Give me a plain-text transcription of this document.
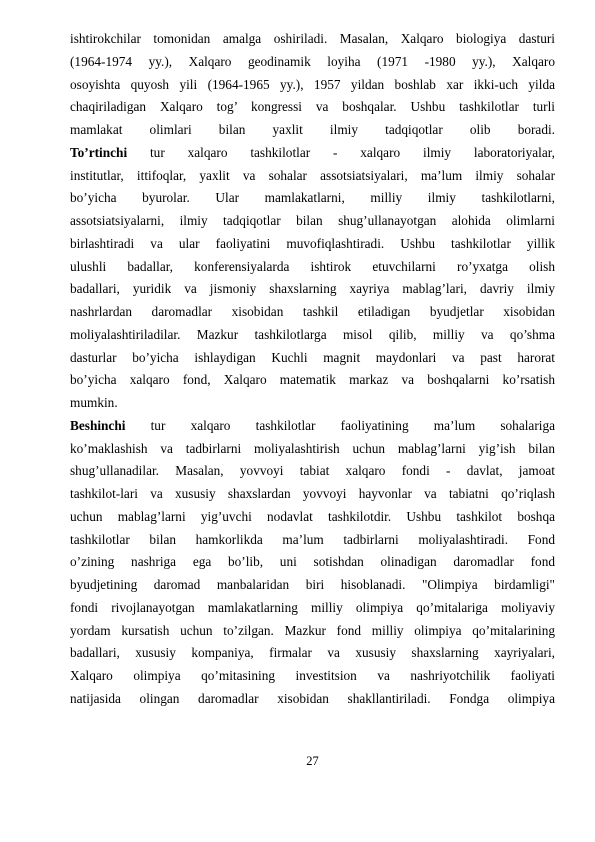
ishtirokchilar tomonidan amalga oshiriladi. Masalan, Xalqaro biologiya dasturi
(1964-1974 yy.), Xalqaro geodinamik loyiha (1971 -1980 yy.), Xalqaro
osoyishta quyosh yili (1964-1965 yy.), 1957 yildan boshlab xar ikki-uch yilda
chaqiriladigan Xalqaro tog’ kongressi va boshqalar. Ushbu tashkilotlar turli
mamlakat olimlari bilan yaxlit ilmiy tadqiqotlar olib boradi.
To’rtinchi tur xalqaro tashkilotlar - xalqaro ilmiy laboratoriyalar,
institutlar, ittifoqlar, yaxlit va sohalar assotsiatsiyalari, ma’lum ilmiy sohalar
bo’yicha byurolar. Ular mamlakatlarni, milliy ilmiy tashkilotlarni,
assotsiatsiyalarni, ilmiy tadqiqotlar bilan shug’ullanayotgan alohida olimlarni
birlashtiradi va ular faoliyatini muvofiqlashtiradi. Ushbu tashkilotlar yillik
ulushli badallar, konferensiyalarda ishtirok etuvchilarni ro’yxatga olish
badallari, yuridik va jismoniy shaxslarning xayriya mablag’lari, davriy ilmiy
nashrlardan daromadlar xisobidan tashkil etiladigan byudjetlar xisobidan
moliyalashtiriladilar. Mazkur tashkilotlarga misol qilib, milliy va qo’shma
dasturlar bo’yicha ishlaydigan Kuchli magnit maydonlari va past harorat
bo’yicha xalqaro fond, Xalqaro matematik markaz va boshqalarni ko’rsatish
mumkin.
Beshinchi tur xalqaro tashkilotlar faoliyatining ma’lum sohalariga
ko’maklashish va tadbirlarni moliyalashtirish uchun mablag’larni yig’ish bilan
shug’ullanadilar. Masalan, yovvoyi tabiat xalqaro fondi - davlat, jamoat
tashkilot-lari va xususiy shaxslardan yovvoyi hayvonlar va tabiatni qo’riqlash
uchun mablag’larni yig’uvchi nodavlat tashkilotdir. Ushbu tashkilot boshqa
tashkilotlar bilan hamkorlikda ma’lum tadbirlarni moliyalashtiradi. Fond
o’zining nashriga ega bo’lib, uni sotishdan olinadigan daromadlar fond
byudjetining daromad manbalaridan biri hisoblanadi. "Olimpiya birdamligi"
fondi rivojlanayotgan mamlakatlarning milliy olimpiya qo’mitalariga moliyaviy
yordam kursatish uchun to’zilgan. Mazkur fond milliy olimpiya qo’mitalarining
badallari, xususiy kompaniya, firmalar va xususiy shaxslarning xayriyalari,
Xalqaro olimpiya qo’mitasining investitsion va nashriyotchilik faoliyati
natijasida olingan daromadlar xisobidan shakllantiriladi. Fondga olimpiya
27
